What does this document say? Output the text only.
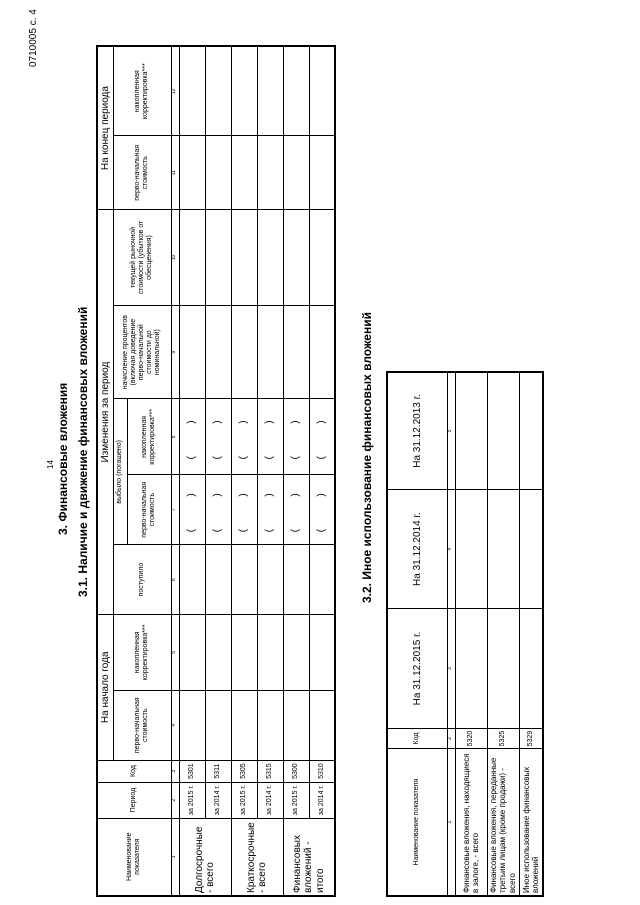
0710005 с. 4
14 3. Финансовые вложения 3.1. Наличие и движение финансовых вложений
Наименование показателя	Период	Код	На начало года		Изменения за период					На конец периода	
			перво-начальная стоимость	накопленная корректировка***	поступило	выбыло (погашено)		начисление процентов (включая доведение перво-начальной стоимости до номинальной)	текущей рыночной стоимости (убытков от обесценения)	перво-начальная стоимость	накопленная корректировка***
						перво-начальная стоимость	накопленная корректировка***				
1	2	3	4	5	6	7	8	9	10	11	12
Долгосрочные - всего	за 2015 г.	5301				(   )	(   )				
	за 2014 г.	5311				(   )	(   )				
Краткосрочные - всего	за 2015 г.	5305				(   )	(   )				
	за 2014 г.	5315				(   )	(   )				
Финансовых вложений - итого	за 2015 г.	5300				(   )	(   )				
	за 2014 г.	5310				(   )	(   )					3.2. Иное использование финансовых вложений
Наименование показателя	Код	На 31.12.2015 г.	На 31.12.2014 г.	На 31.12.2013 г.
1	2	3	4	5
Финансовые вложения, находящиеся в залоге, - всего	5320			
Финансовые вложения, переданные третьим лицам (кроме продажи) - всего	5325			
Иное использование финансовых вложений	5329			
